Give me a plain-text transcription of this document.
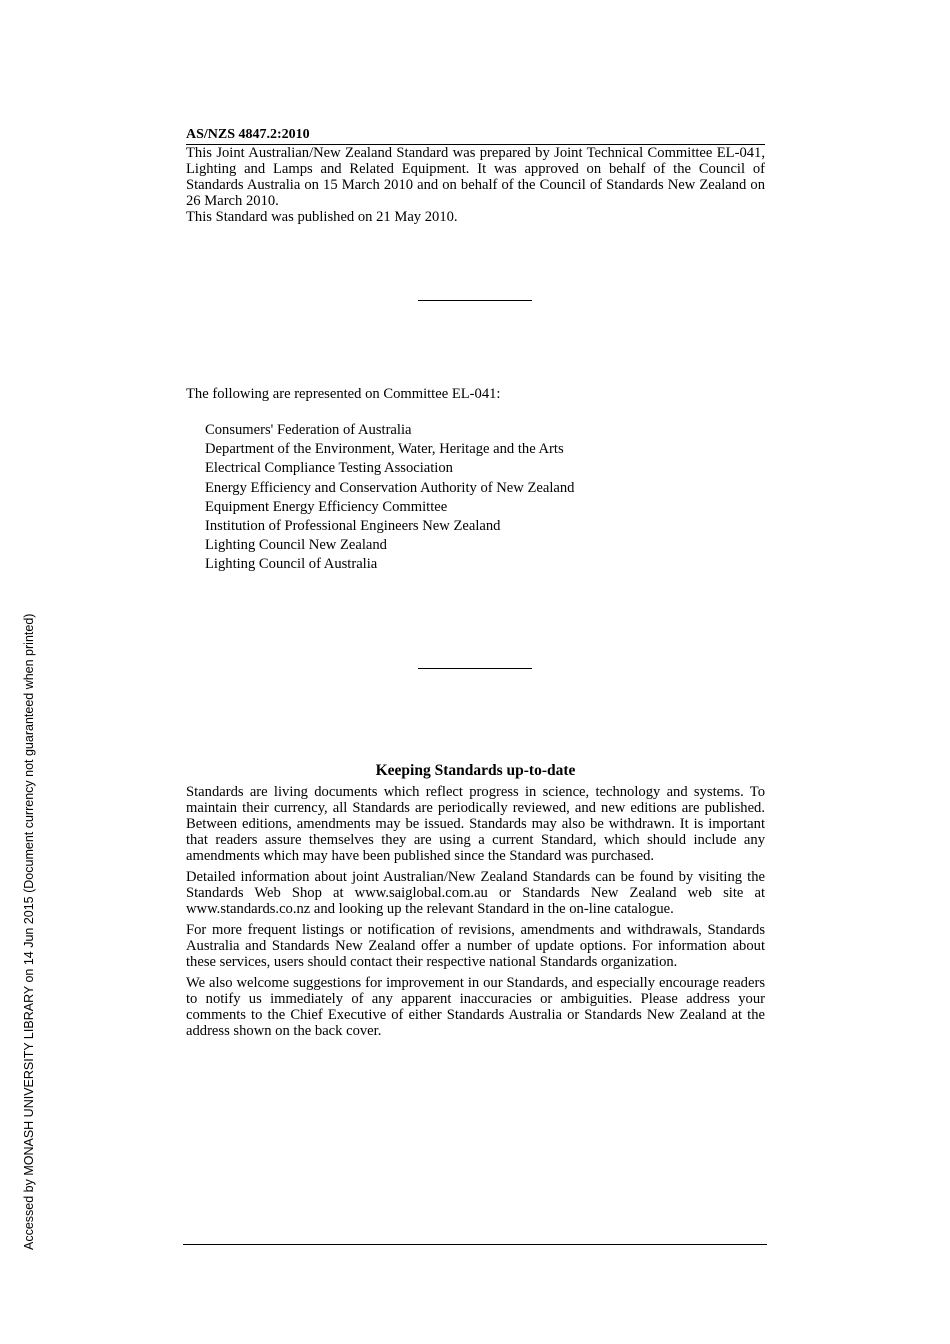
Accessed by MONASH UNIVERSITY LIBRARY on 14 Jun 2015 (Document currency not guaranteed when printed)
AS/NZS 4847.2:2010

This Joint Australian/New Zealand Standard was prepared by Joint Technical Committee EL-041, Lighting and Lamps and Related Equipment. It was approved on behalf of the Council of Standards Australia on 15 March 2010 and on behalf of the Council of Standards New Zealand on 26 March 2010.

This Standard was published on 21 May 2010.

The following are represented on Committee EL-041:
Consumers' Federation of Australia
Department of the Environment, Water, Heritage and the Arts
Electrical Compliance Testing Association
Energy Efficiency and Conservation Authority of New Zealand
Equipment Energy Efficiency Committee
Institution of Professional Engineers New Zealand
Lighting Council New Zealand
Lighting Council of Australia
Keeping Standards up-to-date

Standards are living documents which reflect progress in science, technology and systems. To maintain their currency, all Standards are periodically reviewed, and new editions are published. Between editions, amendments may be issued. Standards may also be withdrawn. It is important that readers assure themselves they are using a current Standard, which should include any amendments which may have been published since the Standard was purchased.

Detailed information about joint Australian/New Zealand Standards can be found by visiting the Standards Web Shop at www.saiglobal.com.au or Standards New Zealand web site at www.standards.co.nz and looking up the relevant Standard in the on-line catalogue.

For more frequent listings or notification of revisions, amendments and withdrawals, Standards Australia and Standards New Zealand offer a number of update options. For information about these services, users should contact their respective national Standards organization.

We also welcome suggestions for improvement in our Standards, and especially encourage readers to notify us immediately of any apparent inaccuracies or ambiguities. Please address your comments to the Chief Executive of either Standards Australia or Standards New Zealand at the address shown on the back cover.
